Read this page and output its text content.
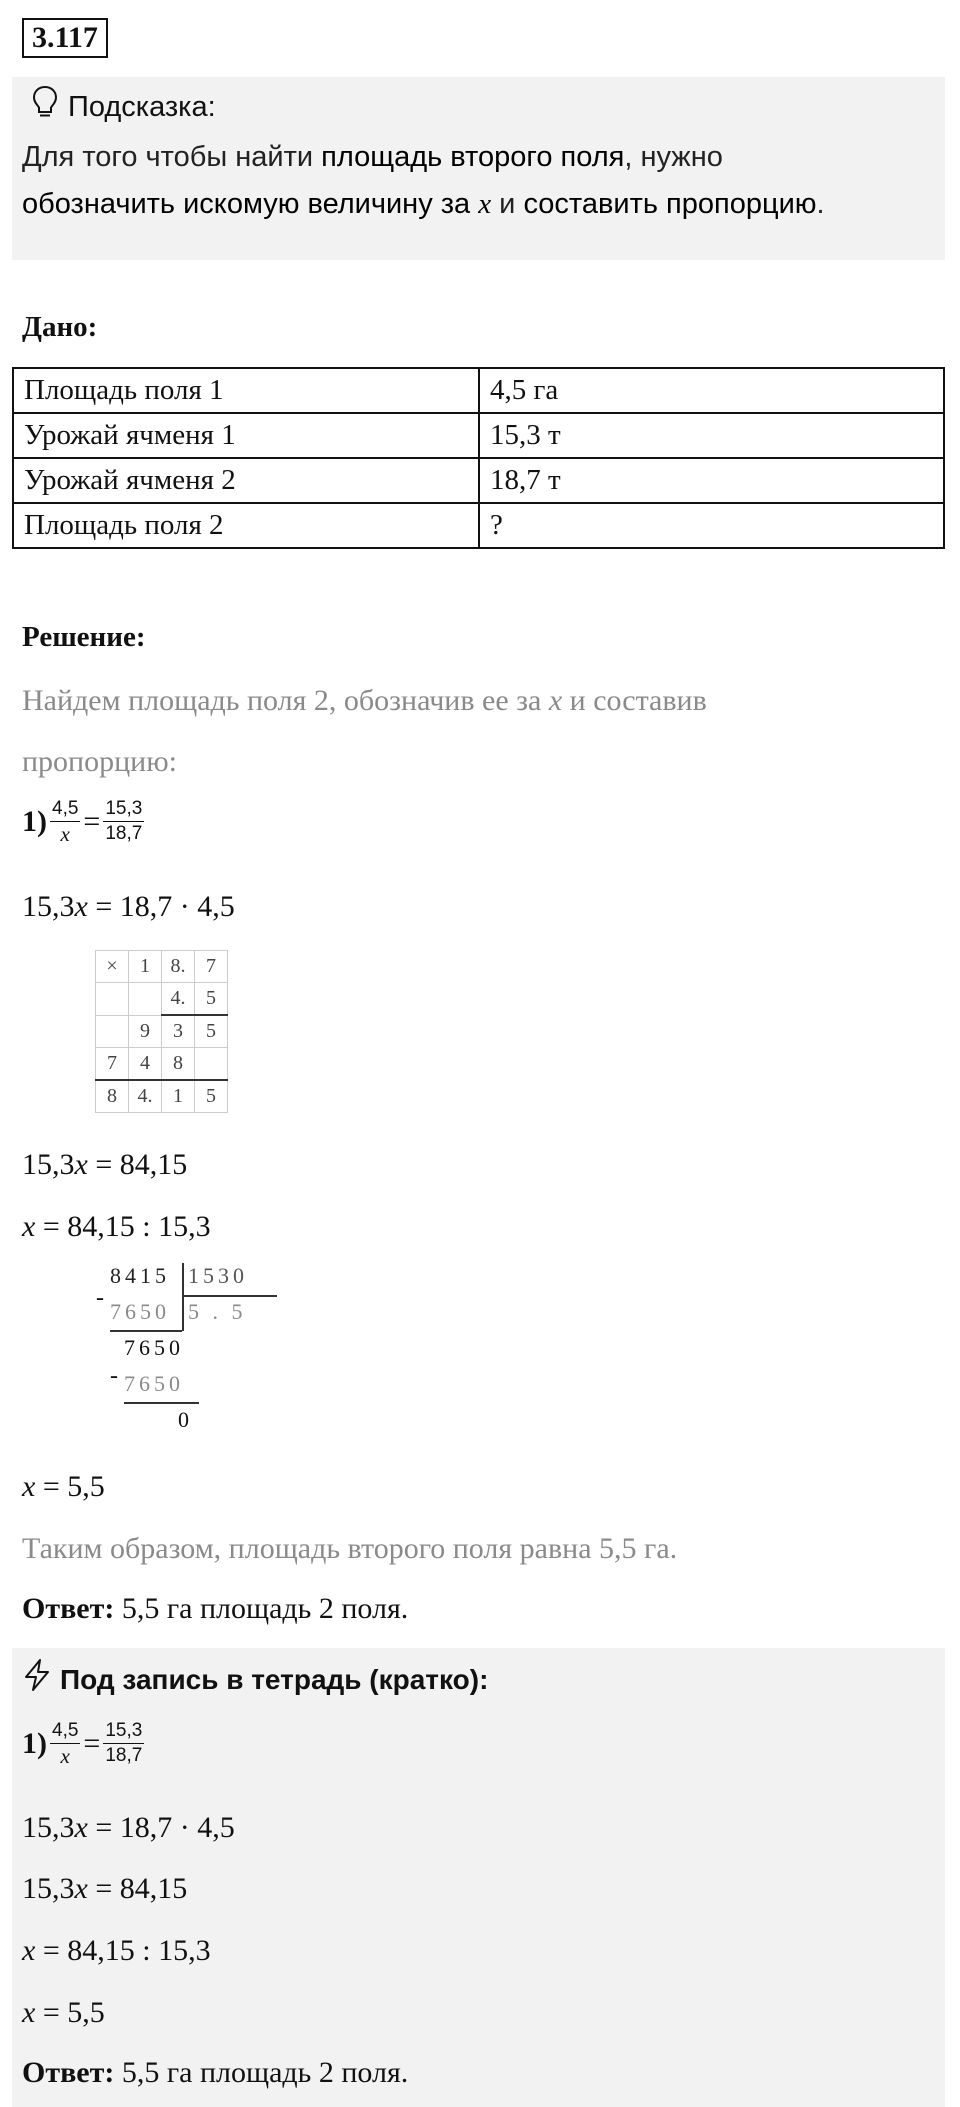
3.117
Подсказка:
Для того чтобы найти площадь второго поля, нужно
обозначить искомую величину за x и составить пропорцию.
Дано:
Площадь поля 1	4,5 га
Урожай ячменя 1	15,3 т
Урожай ячменя 2	18,7 т
Площадь поля 2	?
Решение:
Найдем площадь поля 2, обозначив ее за x и составив
пропорцию:
$1) \frac{4,5}{x} = \frac{15,3}{18,7}$
15,3x = 18,7 · 4,5
×	1	8.	7
		4.	5
	9	3	5
7	4	8	
8	4.	1	5
15,3x = 84,15
x = 84,15 : 15,3
8415 1530
-
7650 5 . 5
7650
- 7650
0
x = 5,5
Таким образом, площадь второго поля равна 5,5 га.
Ответ: 5,5 га площадь 2 поля.
Под запись в тетрадь (кратко):
$1) \frac{4,5}{x} = \frac{15,3}{18,7}$
15,3x = 18,7 · 4,5
15,3x = 84,15
x = 84,15 : 15,3
x = 5,5
Ответ: 5,5 га площадь 2 поля.
